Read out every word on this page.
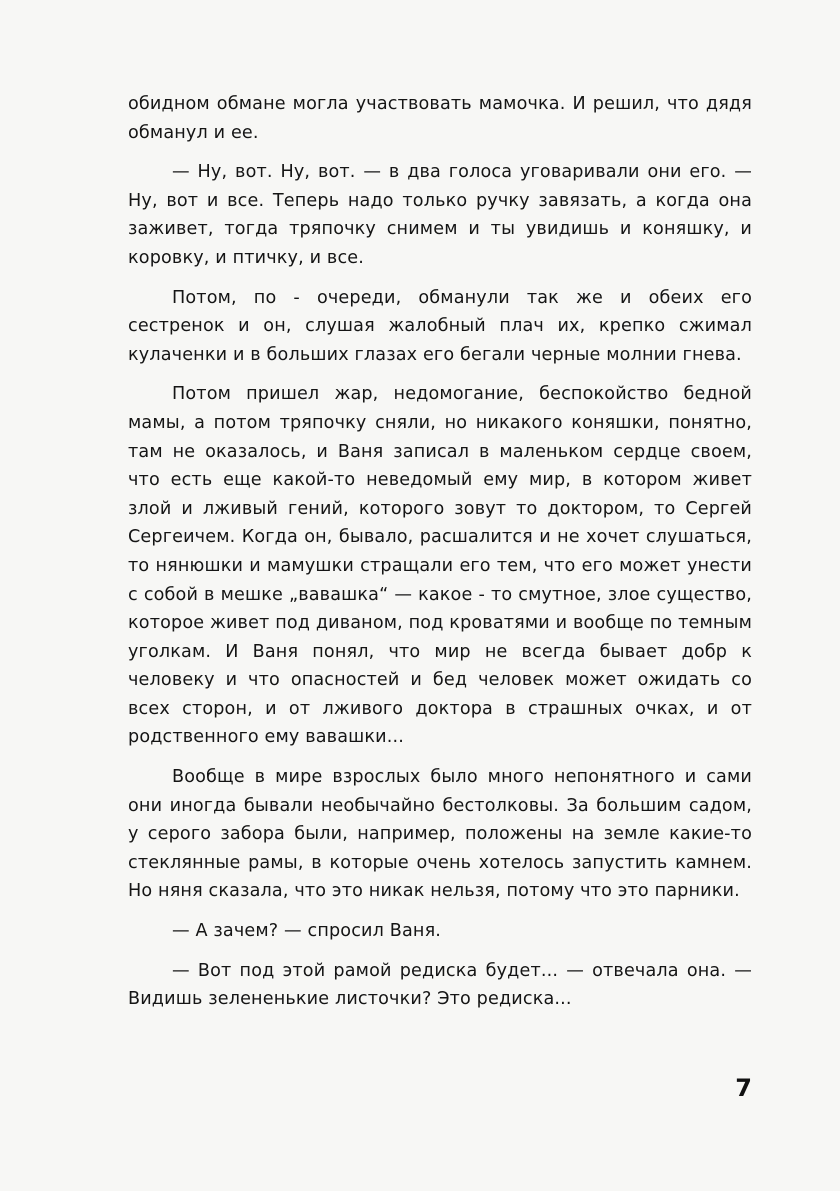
обидном обмане могла участвовать мамочка. И решил, что дядя обманул и ее.

— Ну, вот. Ну, вот. — в два голоса уговаривали они его. — Ну, вот и все. Теперь надо только ручку завязать, а когда она заживет, тогда тряпочку снимем и ты увидишь и коняшку, и коровку, и птичку, и все.

Потом, по - очереди, обманули так же и обеих его сестренок и он, слушая жалобный плач их, крепко сжимал кулаченки и в больших глазах его бегали черные молнии гнева.

Потом пришел жар, недомогание, беспокойство бедной мамы, а потом тряпочку сняли, но никакого коняшки, понятно, там не оказалось, и Ваня записал в маленьком сердце своем, что есть еще какой-то неведомый ему мир, в котором живет злой и лживый гений, которого зовут то доктором, то Сергей Сергеичем. Когда он, бывало, расшалится и не хочет слушаться, то нянюшки и мамушки стращали его тем, что его может унести с собой в мешке „вавашка“ — какое - то смутное, злое существо, которое живет под диваном, под кроватями и вообще по темным уголкам. И Ваня понял, что мир не всегда бывает добр к человеку и что опасностей и бед человек может ожидать со всех сторон, и от лживого доктора в страшных очках, и от родственного ему вавашки...

Вообще в мире взрослых было много непонятного и сами они иногда бывали необычайно бестолковы. За большим садом, у серого забора были, например, положены на земле какие-то стеклянные рамы, в которые очень хотелось запустить камнем. Но няня сказала, что это никак нельзя, потому что это парники.

— А зачем? — спросил Ваня.

— Вот под этой рамой редиска будет... — отвечала она. — Видишь зелененькие листочки? Это редиска...

7
